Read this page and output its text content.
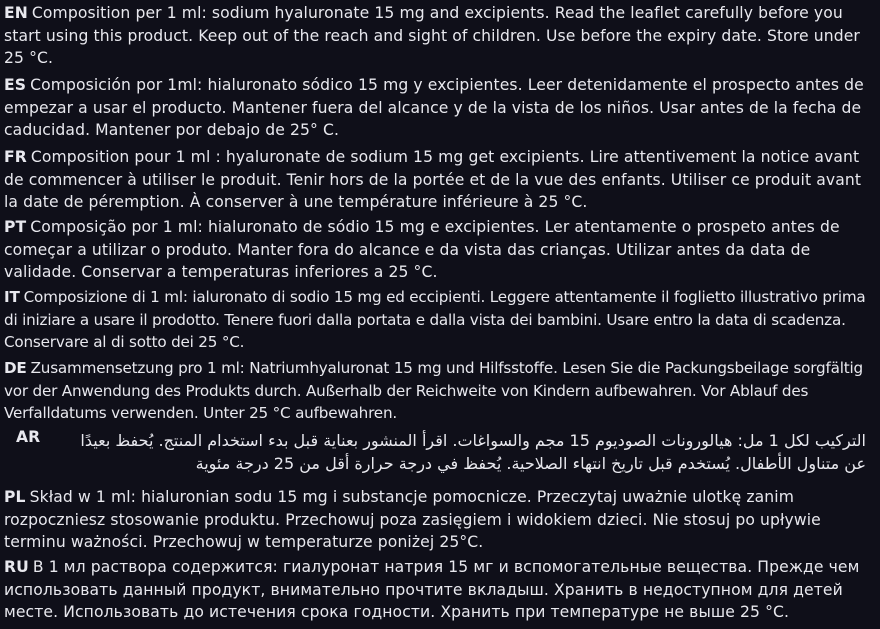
EN Composition per 1 ml: sodium hyaluronate 15 mg and excipients. Read the leaflet carefully before you start using this product. Keep out of the reach and sight of children. Use before the expiry date. Store under 25 °C.

ES Composición por 1ml: hialuronato sódico 15 mg y excipientes. Leer detenidamente el prospecto antes de empezar a usar el producto. Mantener fuera del alcance y de la vista de los niños. Usar antes de la fecha de caducidad. Mantener por debajo de 25° C.

FR Composition pour 1 ml : hyaluronate de sodium 15 mg get excipients. Lire attentivement la notice avant de commencer à utiliser le produit. Tenir hors de la portée et de la vue des enfants. Utiliser ce produit avant la date de péremption. À conserver à une température inférieure à 25 °C.

PT Composição por 1 ml: hialuronato de sódio 15 mg e excipientes. Ler atentamente o prospeto antes de começar a utilizar o produto. Manter fora do alcance e da vista das crianças. Utilizar antes da data de validade. Conservar a temperaturas inferiores a 25 °C.

IT Composizione di 1 ml: ialuronato di sodio 15 mg ed eccipienti. Leggere attentamente il foglietto illustrativo prima di iniziare a usare il prodotto. Tenere fuori dalla portata e dalla vista dei bambini. Usare entro la data di scadenza. Conservare al di sotto dei 25 °C.

DE Zusammensetzung pro 1 ml: Natriumhyaluronat 15 mg und Hilfsstoffe. Lesen Sie die Packungsbeilage sorgfältig vor der Anwendung des Produkts durch. Außerhalb der Reichweite von Kindern aufbewahren. Vor Ablauf des Verfalldatums verwenden. Unter 25 °C aufbewahren.

AR	التركيب لكل 1 مل: هيالورونات الصوديوم 15 مجم والسواغات. اقرأ المنشور بعناية قبل بدء استخدام المنتج. يُحفظ بعيدًا عن متناول الأطفال. يُستخدم قبل تاريخ انتهاء الصلاحية. يُحفظ في درجة حرارة أقل من 25 درجة مئوية

PL Skład w 1 ml: hialuronian sodu 15 mg i substancje pomocnicze. Przeczytaj uważnie ulotkę zanim rozpoczniesz stosowanie produktu. Przechowuj poza zasięgiem i widokiem dzieci. Nie stosuj po upływie terminu ważności. Przechowuj w temperaturze poniżej 25°C.

RU В 1 мл раствора содержится: гиалуронат натрия 15 мг и вспомогательные вещества. Прежде чем использовать данный продукт, внимательно прочтите вкладыш. Хранить в недоступном для детей месте. Использовать до истечения срока годности. Хранить при температуре не выше 25 °C.
